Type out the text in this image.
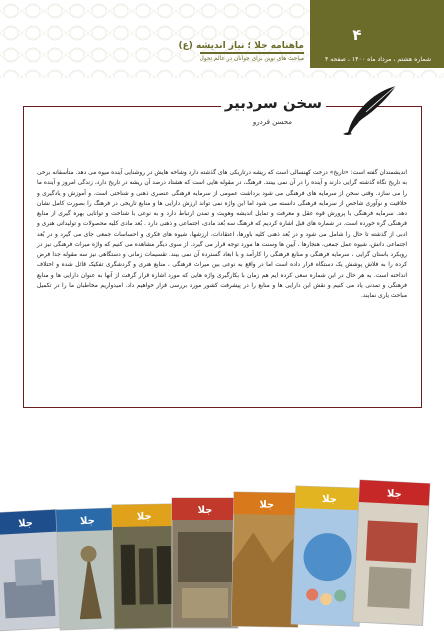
۴
شماره هشتم ، مرداد ماه ۱۴۰۰ ، صفحه ۴
ماهنامه جلا ؛ نیاز اندیشه (ع)
مباحث های نوین برای جوانان در عالم تحول
سخن سردبیر
محسن فردرو

اندیشمندان گفته است: «تاریخ» درخت کهنسالی است که ریشه درتاریکی های گذشته دارد وشاخه هایش در روشنایی آینده میوه می دهد. متأسفانه برخی به تاریخ نگاه گذشته گرایی دارند و آینده را در آن نمی بینند. فرهنگ، در مقوله هایی است که هشتاد درصد آن ریشه در تاریخ دارد، زندگی امروز و آینده ما را می سازد. وقتی سخن از سرمایه های فرهنگی می شود برداشت عمومی از سرمایه فرهنگی عنصری ذهنی و شناختی است. و آموزش و یادگیری و خلاقیت و نوآوری شاخص از سرمایه فرهنگی دانسته می شود اما این واژه نمی تواند ارزش دارایی ها و منابع تاریخی در فرهنگ را بصورت کامل نشان دهد. سرمایه فرهنگی با پرورش قوه عقل و معرفت و تمایل اندیشه وهویت و تمدن ارتباط دارد و به نوعی با شناخت و توانایی بهره گیری از منابع فرهنگی گره خورده است. در شماره های قبل اشاره کردیم که فرهنگ سه بُعد مادی، اجتماعی و ذهنی دارد . بُعد مادی کلیه محصولات و تولیداتی هنری و ادبی از گذشته تا حال را شامل می شود و در بُعد ذهنی کلیه باورها، اعتقادات، ارزشها، شیوه های فکری و احساسات جمعی جای می گیرد و در بُعد اجتماعی دانش، شیوه عمل جمعی، هنجارها ، آیین ها وسنت ها مورد توجه قرار می گیرد. از سوی دیگر مشاهده می کنیم که واژه میراث فرهنگی نیز در رویکرد باستان گرایی ، سرمایه فرهنگی و منابع فرهنگی را کارآمد و با ابعاد گسترده آن نمی بیند. تقسیمات زمانی و دستگاهی نیز سه مقوله جدا فرض کرده را به فلاش پوشش یک دستگاه قرار داده است اما در واقع به نوعی بین میراث فرهنگی ، منابع هنری و گردشگری تفکیک قائل شده و اختلاف انداخته است. به هر حال در این شماره سعی کرده ایم هم زمان با بکارگیری واژه هایی که مورد اشاره قرار گرفت از آنها به عنوان دارایی ها و منابع فرهنگی و تمدنی یاد می کنیم و نقش این دارایی ها و منابع را در پیشرفت کشور مورد بررسی قرار خواهیم داد. امیدواریم مخاطبان ما را در تکمیل مباحث یاری نمایند.

جلا	جلا	جلا
جلا	جلا	جلا	جلا
